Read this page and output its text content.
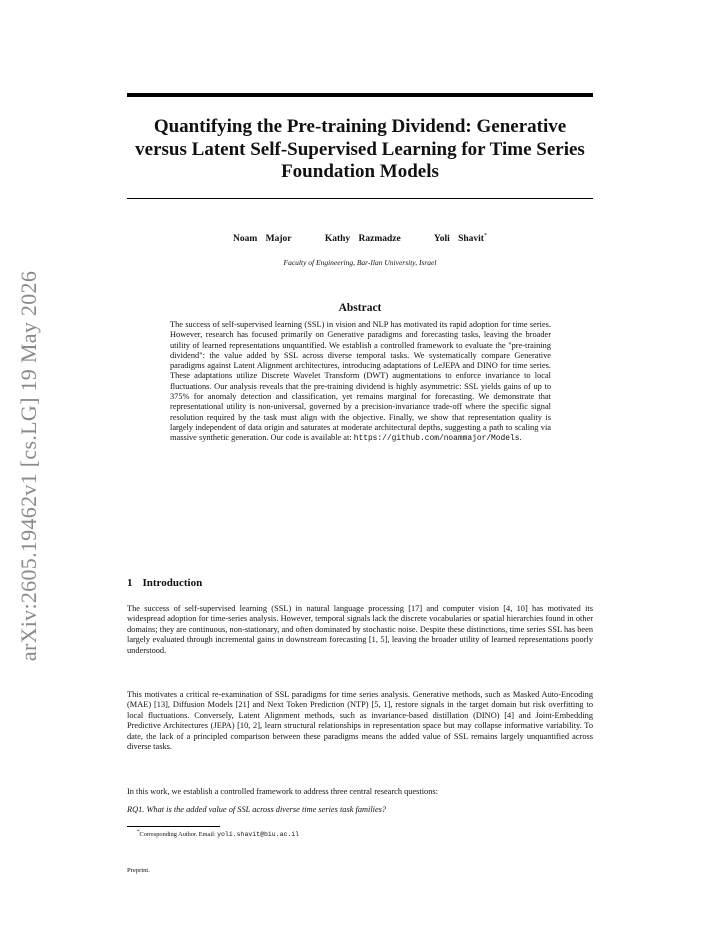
arXiv:2605.19462v1 [cs.LG] 19 May 2026
Quantifying the Pre-training Dividend: Generative versus Latent Self-Supervised Learning for Time Series Foundation Models
Noam Major    Kathy Razmadze    Yoli Shavit*
Faculty of Engineering, Bar-Ilan University, Israel
Abstract
The success of self-supervised learning (SSL) in vision and NLP has motivated its rapid adoption for time series. However, research has focused primarily on Generative paradigms and forecasting tasks, leaving the broader utility of learned representations unquantified. We establish a controlled framework to evaluate the "pre-training dividend": the value added by SSL across diverse temporal tasks. We systematically compare Generative paradigms against Latent Alignment architectures, introducing adaptations of LeJEPA and DINO for time series. These adaptations utilize Discrete Wavelet Transform (DWT) augmentations to enforce invariance to local fluctuations. Our analysis reveals that the pre-training dividend is highly asymmetric: SSL yields gains of up to 375% for anomaly detection and classification, yet remains marginal for forecasting. We demonstrate that representational utility is non-universal, governed by a precision-invariance trade-off where the specific signal resolution required by the task must align with the objective. Finally, we show that representation quality is largely independent of data origin and saturates at moderate architectural depths, suggesting a path to scaling via massive synthetic generation. Our code is available at: https://github.com/noammajor/Models.
1 Introduction
The success of self-supervised learning (SSL) in natural language processing [17] and computer vision [4, 10] has motivated its widespread adoption for time-series analysis. However, temporal signals lack the discrete vocabularies or spatial hierarchies found in other domains; they are continuous, non-stationary, and often dominated by stochastic noise. Despite these distinctions, time series SSL has been largely evaluated through incremental gains in downstream forecasting [1, 5], leaving the broader utility of learned representations poorly understood.
This motivates a critical re-examination of SSL paradigms for time series analysis. Generative methods, such as Masked Auto-Encoding (MAE) [13], Diffusion Models [21] and Next Token Prediction (NTP) [5, 1], restore signals in the target domain but risk overfitting to local fluctuations. Conversely, Latent Alignment methods, such as invariance-based distillation (DINO) [4] and Joint-Embedding Predictive Architectures (JEPA) [10, 2], learn structural relationships in representation space but may collapse informative variability. To date, the lack of a principled comparison between these paradigms means the added value of SSL remains largely unquantified across diverse tasks.
In this work, we establish a controlled framework to address three central research questions:
RQ1. What is the added value of SSL across diverse time series task families?
*Corresponding Author. Email: yoli.shavit@biu.ac.il
Preprint.
